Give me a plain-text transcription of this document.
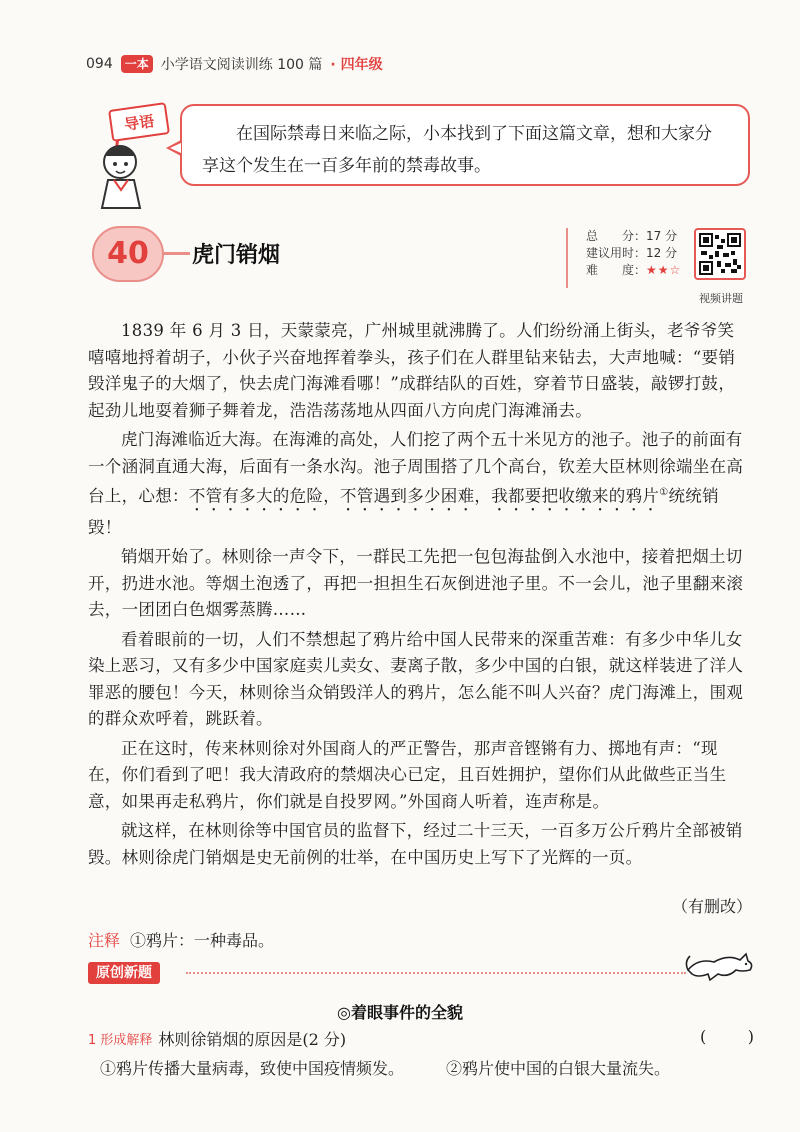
094	一本 小学语文阅读训练 100 篇 · 四年级
导语
在国际禁毒日来临之际，小本找到了下面这篇文章，想和大家分享这个发生在一百多年前的禁毒故事。
40	虎门销烟
总　　分：17 分
建议用时：12 分
难　　度：★★☆
视频讲题

1839 年 6 月 3 日，天蒙蒙亮，广州城里就沸腾了。人们纷纷涌上街头，老爷爷笑嘻嘻地捋着胡子，小伙子兴奋地挥着拳头，孩子们在人群里钻来钻去，大声地喊：“要销毁洋鬼子的大烟了，快去虎门海滩看哪！”成群结队的百姓，穿着节日盛装，敲锣打鼓，起劲儿地耍着狮子舞着龙，浩浩荡荡地从四面八方向虎门海滩涌去。

虎门海滩临近大海。在海滩的高处，人们挖了两个五十米见方的池子。池子的前面有一个涵洞直通大海，后面有一条水沟。池子周围搭了几个高台，钦差大臣林则徐端坐在高台上，心想：不管有多大的危险，不管遇到多少困难，我都要把收缴来的鸦片①统统销毁！

销烟开始了。林则徐一声令下，一群民工先把一包包海盐倒入水池中，接着把烟土切开，扔进水池。等烟土泡透了，再把一担担生石灰倒进池子里。不一会儿，池子里翻来滚去，一团团白色烟雾蒸腾……

看着眼前的一切，人们不禁想起了鸦片给中国人民带来的深重苦难：有多少中华儿女染上恶习，又有多少中国家庭卖儿卖女、妻离子散，多少中国的白银，就这样装进了洋人罪恶的腰包！今天，林则徐当众销毁洋人的鸦片，怎么能不叫人兴奋？虎门海滩上，围观的群众欢呼着，跳跃着。

正在这时，传来林则徐对外国商人的严正警告，那声音铿锵有力、掷地有声：“现在，你们看到了吧！我大清政府的禁烟决心已定，且百姓拥护，望你们从此做些正当生意，如果再走私鸦片，你们就是自投罗网。”外国商人听着，连声称是。

就这样，在林则徐等中国官员的监督下，经过二十三天，一百多万公斤鸦片全部被销毁。林则徐虎门销烟是史无前例的壮举，在中国历史上写下了光辉的一页。

（有删改）
注释 ①鸦片：一种毒品。
原创新题
◎着眼事件的全貌
1 形成解释 林则徐销烟的原因是(2 分)	(	)
①鸦片传播大量病毒，致使中国疫情频发。	②鸦片使中国的白银大量流失。
